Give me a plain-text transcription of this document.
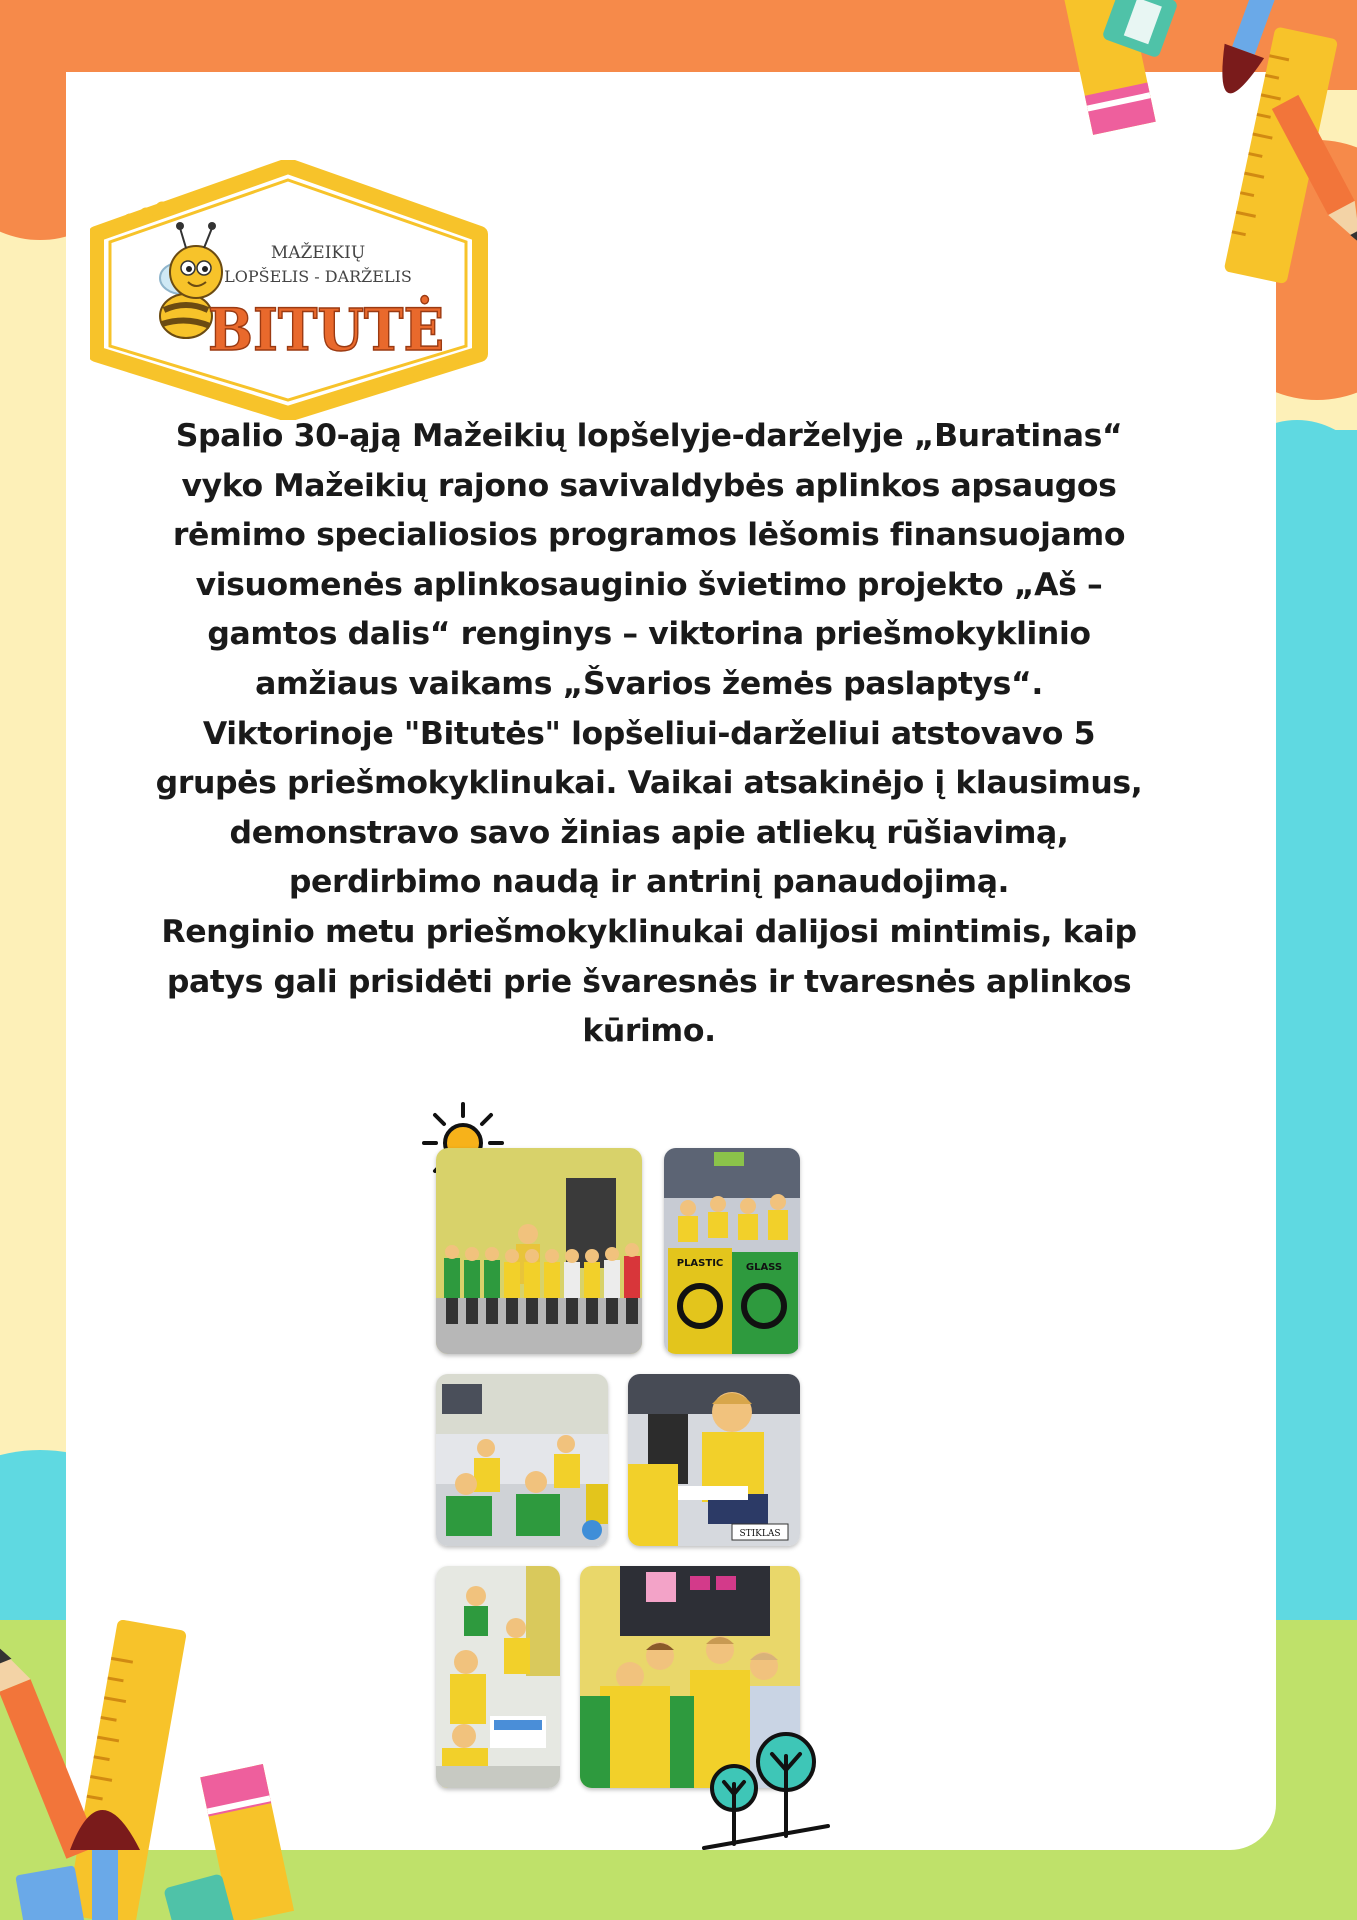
MAŽEIKIŲ
LOPŠELIS - DARŽELIS
BITUTĖ

Spalio 30-ąją Mažeikių lopšelyje-darželyje „Buratinas“ vyko Mažeikių rajono savivaldybės aplinkos apsaugos rėmimo specialiosios programos lėšomis finansuojamo visuomenės aplinkosauginio švietimo projekto „Aš – gamtos dalis“ renginys – viktorina priešmokyklinio amžiaus vaikams „Švarios žemės paslaptys“.

Viktorinoje "Bitutės" lopšeliui-darželiui atstovavo 5 grupės priešmokyklinukai. Vaikai atsakinėjo į klausimus, demonstravo savo žinias apie atliekų rūšiavimą, perdirbimo naudą ir antrinį panaudojimą.

Renginio metu priešmokyklinukai dalijosi mintimis, kaip patys gali prisidėti prie švaresnės ir tvaresnės aplinkos kūrimo.

PLASTIC GLASS
STIKLAS
